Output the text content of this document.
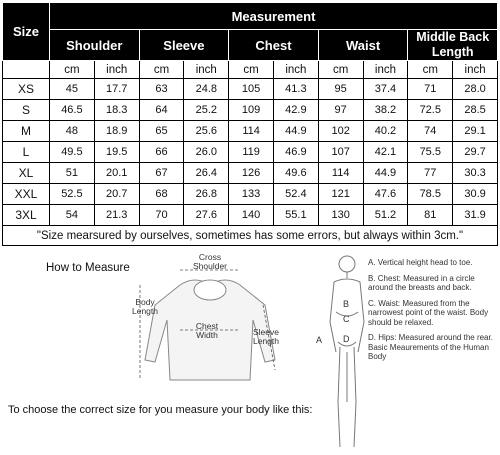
Size	Measurement									
	Shoulder		Sleeve		Chest		Waist		Middle Back Length	
	cm	inch	cm	inch	cm	inch	cm	inch	cm	inch
XS	45	17.7	63	24.8	105	41.3	95	37.4	71	28.0
S	46.5	18.3	64	25.2	109	42.9	97	38.2	72.5	28.5
M	48	18.9	65	25.6	114	44.9	102	40.2	74	29.1
L	49.5	19.5	66	26.0	119	46.9	107	42.1	75.5	29.7
XL	51	20.1	67	26.4	126	49.6	114	44.9	77	30.3
XXL	52.5	20.7	68	26.8	133	52.4	121	47.6	78.5	30.9
3XL	54	21.3	70	27.6	140	55.1	130	51.2	81	31.9
"Size mearsured by ourselves, sometimes has some errors, but always within 3cm."										
How to Measure
Cross Shoulder
Body Length
Chest Width	Sleeve Length	A
B
C
D
A. Vertical height head to toe.
B. Chest: Measured in a circle around the breasts and back.
C. Waist: Measured from the narrowest point of the waist. Body should be relaxed.
D. Hips: Measured around the rear. Basic Meaurements of the Human Body
To choose the correct size for you measure your body like this:
